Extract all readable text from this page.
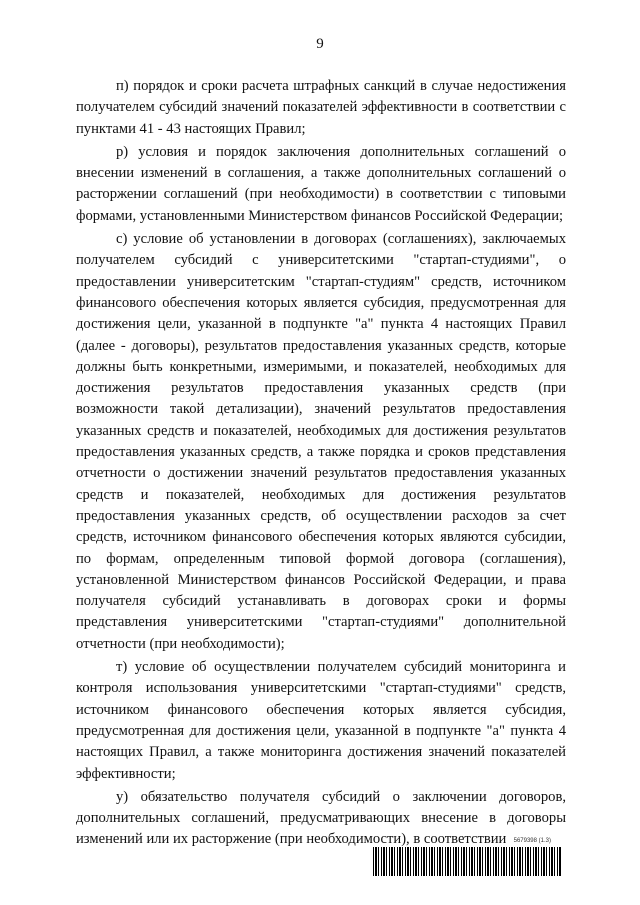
9

п) порядок и сроки расчета штрафных санкций в случае недостижения получателем субсидий значений показателей эффективности в соответствии с пунктами 41 - 43 настоящих Правил;

р) условия и порядок заключения дополнительных соглашений о внесении изменений в соглашения, а также дополнительных соглашений о расторжении соглашений (при необходимости) в соответствии с типовыми формами, установленными Министерством финансов Российской Федерации;

с) условие об установлении в договорах (соглашениях), заключаемых получателем субсидий с университетскими "стартап-студиями", о предоставлении университетским "стартап-студиям" средств, источником финансового обеспечения которых является субсидия, предусмотренная для достижения цели, указанной в подпункте "а" пункта 4 настоящих Правил (далее - договоры), результатов предоставления указанных средств, которые должны быть конкретными, измеримыми, и показателей, необходимых для достижения результатов предоставления указанных средств (при возможности такой детализации), значений результатов предоставления указанных средств и показателей, необходимых для достижения результатов предоставления указанных средств, а также порядка и сроков представления отчетности о достижении значений результатов предоставления указанных средств и показателей, необходимых для достижения результатов предоставления указанных средств, об осуществлении расходов за счет средств, источником финансового обеспечения которых являются субсидии, по формам, определенным типовой формой договора (соглашения), установленной Министерством финансов Российской Федерации, и права получателя субсидий устанавливать в договорах сроки и формы представления университетскими "стартап-студиями" дополнительной отчетности (при необходимости);

т) условие об осуществлении получателем субсидий мониторинга и контроля использования университетскими "стартап-студиями" средств, источником финансового обеспечения которых является субсидия, предусмотренная для достижения цели, указанной в подпункте "а" пункта 4 настоящих Правил, а также мониторинга достижения значений показателей эффективности;

у) обязательство получателя субсидий о заключении договоров, дополнительных соглашений, предусматривающих внесение в договоры изменений или их расторжение (при необходимости), в соответствии	5679398 (1.3)
